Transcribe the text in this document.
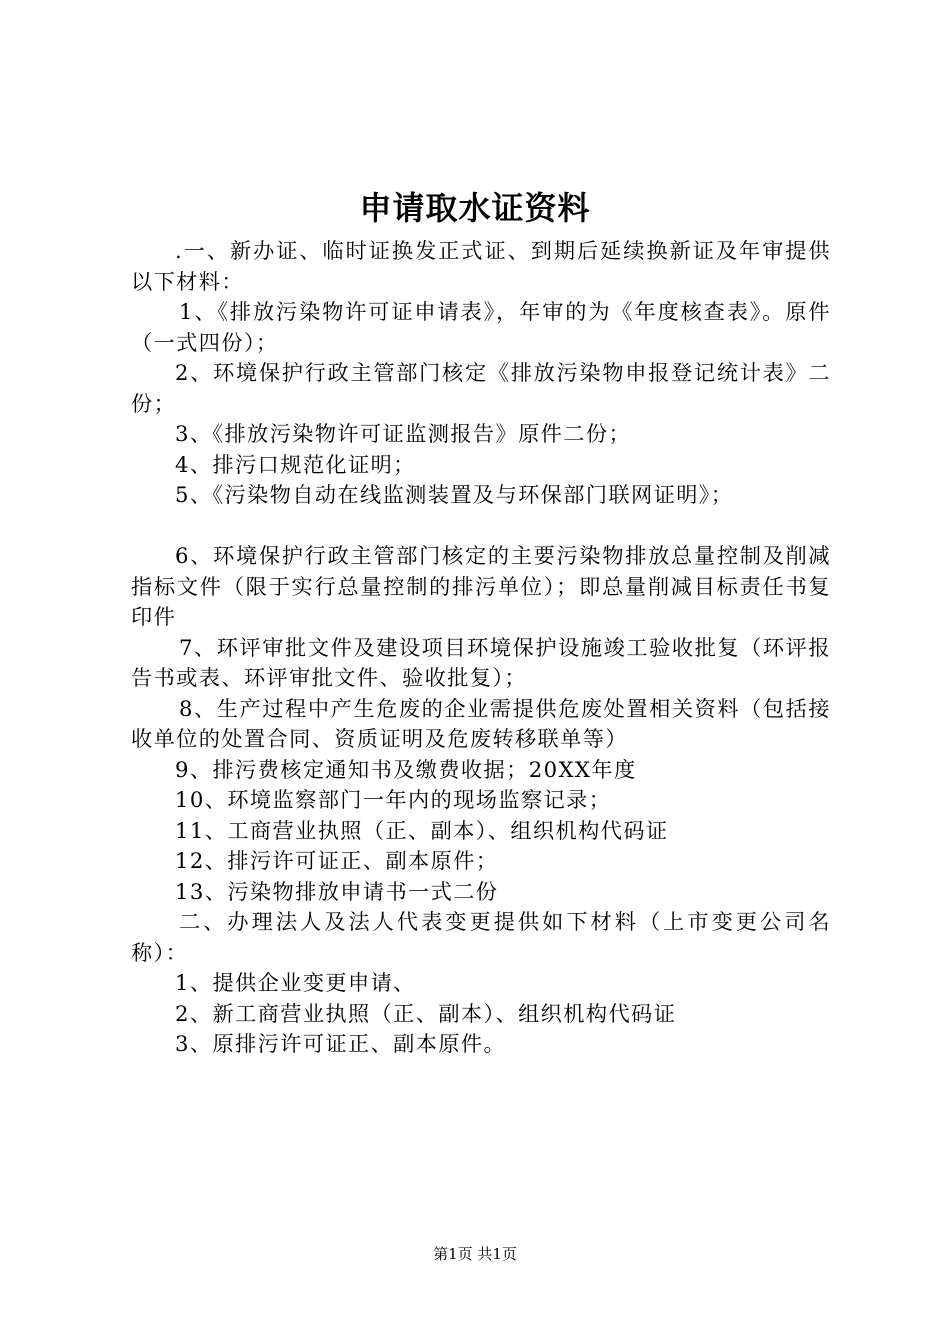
申请取水证资料

.一、新办证、临时证换发正式证、到期后延续换新证及年审提供以下材料：

1、《排放污染物许可证申请表》，年审的为《年度核查表》。原件（一式四份）；

2、环境保护行政主管部门核定《排放污染物申报登记统计表》二份；

3、《排放污染物许可证监测报告》原件二份；

4、排污口规范化证明；

5、《污染物自动在线监测装置及与环保部门联网证明》；

6、环境保护行政主管部门核定的主要污染物排放总量控制及削减指标文件（限于实行总量控制的排污单位）；即总量削减目标责任书复印件

7、环评审批文件及建设项目环境保护设施竣工验收批复（环评报告书或表、环评审批文件、验收批复）；

8、生产过程中产生危废的企业需提供危废处置相关资料（包括接收单位的处置合同、资质证明及危废转移联单等）

9、排污费核定通知书及缴费收据；20XX年度

10、环境监察部门一年内的现场监察记录；

11、工商营业执照（正、副本）、组织机构代码证

12、排污许可证正、副本原件；

13、污染物排放申请书一式二份

二、办理法人及法人代表变更提供如下材料（上市变更公司名称）：

1、提供企业变更申请、

2、新工商营业执照（正、副本）、组织机构代码证

3、原排污许可证正、副本原件。

第1页 共1页
